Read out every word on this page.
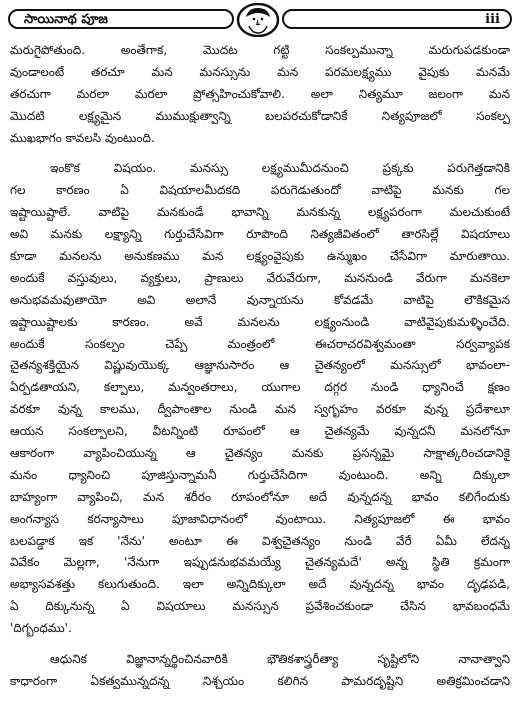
సాయినాథ పూజ	iii
మరుగైపోతుంది. అంతేగాక, మొదట గట్టి సంకల్పమున్నా మరుగుపడకుండా
వుండాలంటే తరచూ మన మనస్సును మన పరమలక్ష్యము వైపుకు మనమే
తరచుగా మరలా మరలా ప్రోత్సహించుకోవాలి. అలా నిత్యమూ జలంగా మన
మొదటి లక్ష్యమైన ముముక్షుత్వాన్ని బలపరచుకోడానికే నిత్యపూజలో సంకల్ప
ముఖభాగం కావలసి వుంటుంది.
ఇంకొక విషయం. మనస్సు లక్ష్యముమీదనుంచి ప్రక్కకు పరుగెత్తడానికి
గల కారణం ఏ విషయాలమీదకది పరుగెడుతుందో వాటిపై మనకు గల
ఇష్టాయిష్టాలే. వాటిపై మనకుండే భావాన్ని మనకున్న లక్ష్యపరంగా మలచుకుంటే
అవి మనకు లక్ష్యాన్ని గుర్తుచేసేవిగా రూపొంది నిత్యజీవితంలో తారసిల్లే విషయాలు
కూడా మనలను అనుకణము మన లక్ష్యంవైపుకు ఉన్ముఖం చేసేవిగా మారుతాయి.
అందుకే వస్తువులు, వ్యక్తులు, ప్రాణులు వేరువేరుగా, మననుండి వేరుగా మనకెలా
అనుభవమవుతాయో అవి అలానే వున్నాయను కోవడమే వాటిపై లౌకికమైన
ఇష్టాయిష్టాలకు కారణం. అవే మనలను లక్ష్యంనుండి వాటివైపుకుమళ్ళించేది.
అందుకే సంకల్పం చెప్పే మంత్రంలో ఈచరాచరవిశ్వమంతా సర్వవ్యాపక
చైతన్యశక్తియైన విష్ణువుయొక్క ఆజ్ఞానుసారం ఆ చైతన్యంలో మనస్సులో భావంలా-
ఏర్పడతాయని, కల్పాలు, మన్వంతరాలు, యుగాల దగ్గర నుండి ధ్యానించే క్షణం
వరకూ వున్న కాలము, ద్వీపాంతాల నుండి మన స్వగృహం వరకూ వున్న ప్రదేశాలూ
ఆయన సంకల్పాలని, వీటన్నింటి రూపంలో ఆ చైతన్యమే వున్నదనీ మనలోనూ
ఆకారంగా వ్యాపించియున్న ఆ చైతన్యం మనకు ప్రసన్నమై సాక్షాత్కరించడానికై
మనం ధ్యానించి పూజిస్తున్నామనీ గుర్తుచేసేదిగా వుంటుంది. అన్ని దిక్కులా
బాహ్యంగా వ్యాపించి, మన శరీరం రూపంలోనూ అదే వున్నదన్న భావం కలిగేందుకు
అంగన్యాస కరన్యాసాలు పూజావిధానంలో వుంటాయి. నిత్యపూజలో ఈ భావం
బలపడ్డాక ఇక 'నేను' అంటూ ఈ విశ్వచైతన్యం నుండి వేరే ఏమీ లేదన్న
వివేకం మెల్లగా, 'నేనుగా ఇప్పుడనుభవమయ్యే చైతన్యమదే' అన్న స్థితి క్రమంగా
అభ్యాసవశత్తు కలుగుతుంది. ఇలా అన్నిదిక్కులా అదే వున్నదన్న భావం దృఢపడి,
ఏ దిక్కునున్న ఏ విషయాలు మనస్సున ప్రవేశించకుండా చేసిన భావబంధమే
'దిగ్బంధము'.
ఆధునిక విజ్ఞానాన్నర్థించినవారికి భౌతికశాస్త్రరీత్యా సృష్టిలోని నానాత్వాని
కాధారంగా ఏకత్వమున్నదన్న నిశ్చయం కలిగిన పామరదృష్టిని అతిక్రమించడాని
